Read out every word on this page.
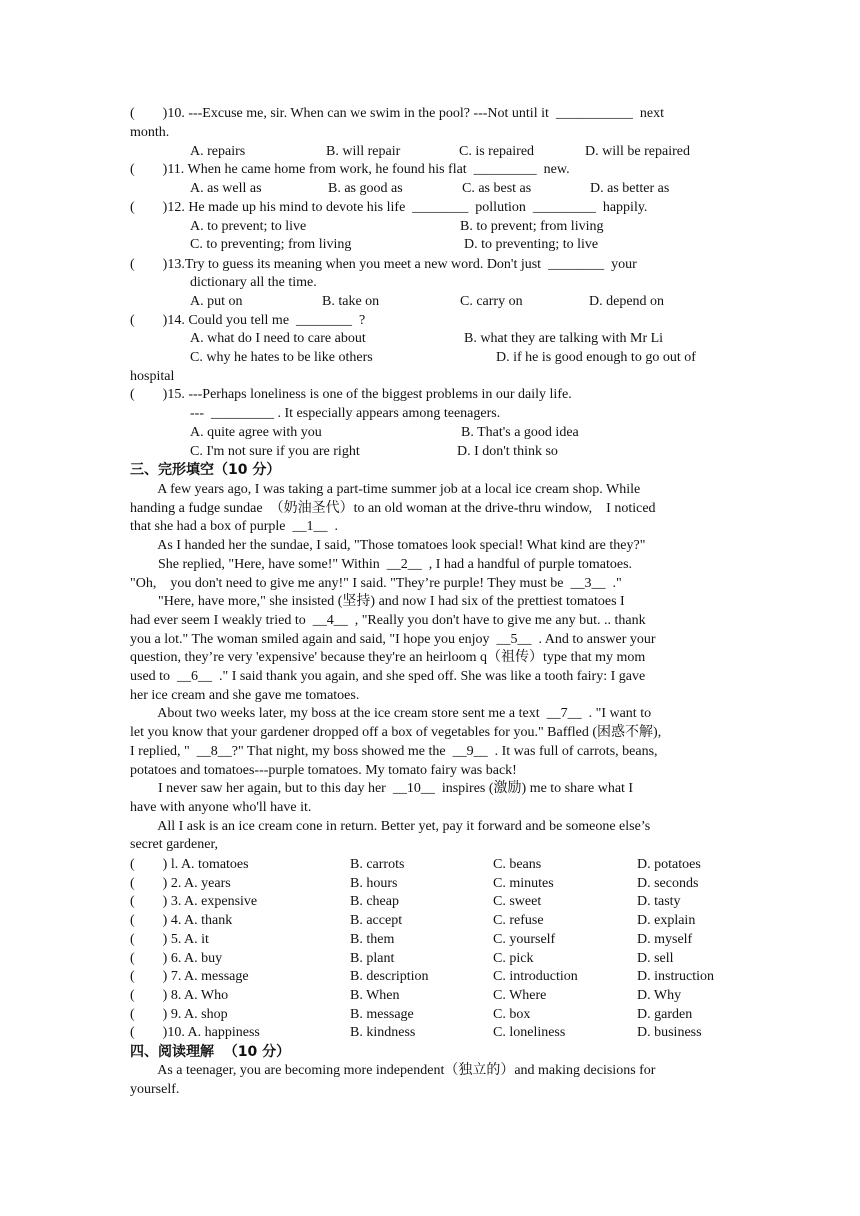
(        )10. ---Excuse me, sir. When can we swim in the pool? ---Not until it  ___________  next
month.
A. repairs	B. will repair	C. is repaired	D. will be repaired
(        )11. When he came home from work, he found his flat  _________  new.
A. as well as	B. as good as	C. as best as	D. as better as
(        )12. He made up his mind to devote his life  ________  pollution  _________  happily.
A. to prevent; to live	B. to prevent; from living
C. to preventing; from living	D. to preventing; to live
(        )13.Try to guess its meaning when you meet a new word. Don't just  ________  your
dictionary all the time.
A. put on	B. take on	C. carry on	D. depend on
(        )14. Could you tell me  ________  ?
A. what do I need to care about	B. what they are talking with Mr Li
C. why he hates to be like others	D. if he is good enough to go out of
hospital
(        )15. ---Perhaps loneliness is one of the biggest problems in our daily life.
---  _________ . It especially appears among teenagers.
A. quite agree with you	B. That's a good idea
C. I'm not sure if you are right	D. I don't think so
三、完形填空（10 分）
A few years ago, I was taking a part-time summer job at a local ice cream shop. While
handing a fudge sundae  （奶油圣代）to an old woman at the drive-thru window,    I noticed
that she had a box of purple  __1__  .
As I handed her the sundae, I said, "Those tomatoes look special! What kind are they?"
She replied, "Here, have some!" Within  __2__  , I had a handful of purple tomatoes.
"Oh,    you don't need to give me any!" I said. "They’re purple! They must be  __3__  ."
"Here, have more," she insisted (坚持) and now I had six of the prettiest tomatoes I
had ever seem I weakly tried to  __4__  , "Really you don't have to give me any but. .. thank
you a lot." The woman smiled again and said, "I hope you enjoy  __5__  . And to answer your
question, they’re very 'expensive' because they're an heirloom q（祖传）type that my mom
used to  __6__  ." I said thank you again, and she sped off. She was like a tooth fairy: I gave
her ice cream and she gave me tomatoes.
About two weeks later, my boss at the ice cream store sent me a text  __7__  . "I want to
let you know that your gardener dropped off a box of vegetables for you." Baffled (困惑不解),
I replied, "  __8__?" That night, my boss showed me the  __9__  . It was full of carrots, beans,
potatoes and tomatoes---purple tomatoes. My tomato fairy was back!
I never saw her again, but to this day her  __10__  inspires (激励) me to share what I
have with anyone who'll have it.
All I ask is an ice cream cone in return. Better yet, pay it forward and be someone else’s
secret gardener,
(        ) l. A. tomatoes	B. carrots	C. beans	D. potatoes
(        ) 2. A. years	B. hours	C. minutes	D. seconds
(        ) 3. A. expensive	B. cheap	C. sweet	D. tasty
(        ) 4. A. thank	B. accept	C. refuse	D. explain
(        ) 5. A. it	B. them	C. yourself	D. myself
(        ) 6. A. buy	B. plant	C. pick	D. sell
(        ) 7. A. message	B. description	C. introduction	D. instruction
(        ) 8. A. Who	B. When	C. Where	D. Why
(        ) 9. A. shop	B. message	C. box	D. garden
(        )10. A. happiness	B. kindness	C. loneliness	D. business
四、阅读理解  （10 分）
As a teenager, you are becoming more independent（独立的）and making decisions for
yourself.
